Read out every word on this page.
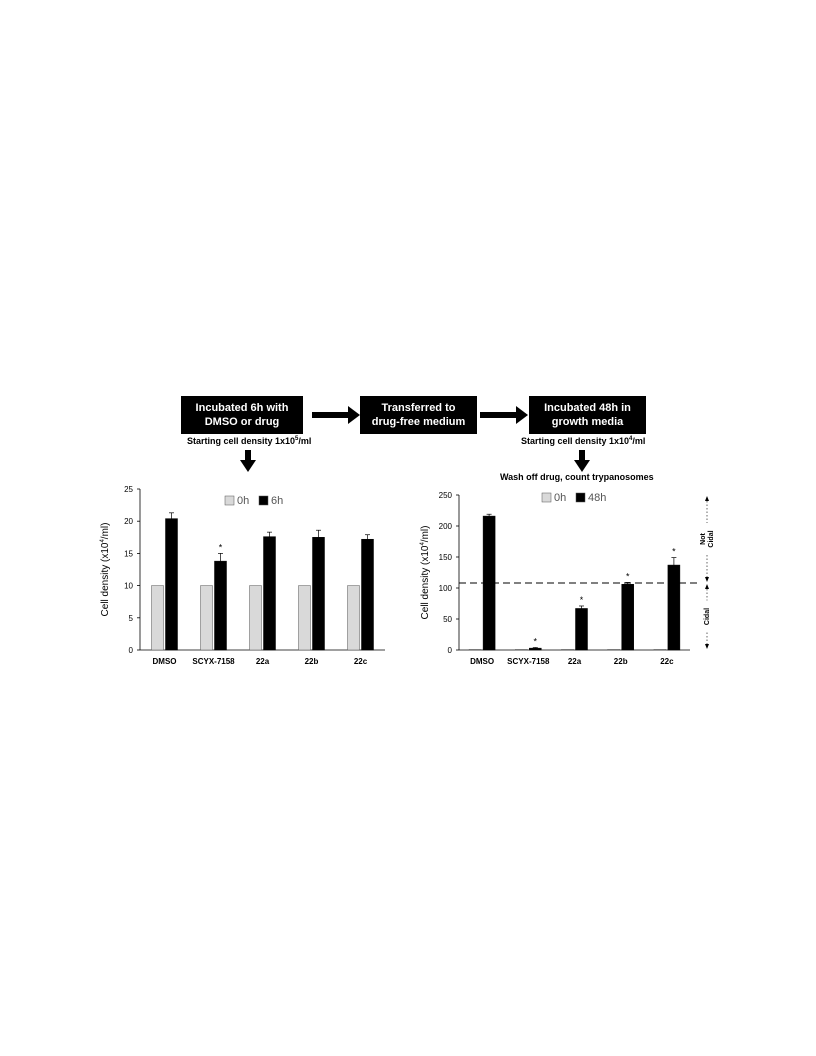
Incubated 6h with
DMSO or drug
Transferred to
drug-free medium
Incubated 48h in
growth media
Starting cell density $1x10^5/ml$	Starting cell density $1x10^4/ml$
Wash off drug, count trypanosomes
0
5
10
15
20
25
Cell density $(x10^4/ml)$
DMSO
*
SCYX-7158	22a	22b	22c
0h 6h
0
50
100
150
200
250
Cell density $(x10^4/ml)$
DMSO
*
SCYX-7158
*
22a
*
22b
*
22c
0h 48h
NotCidal
Cidal
